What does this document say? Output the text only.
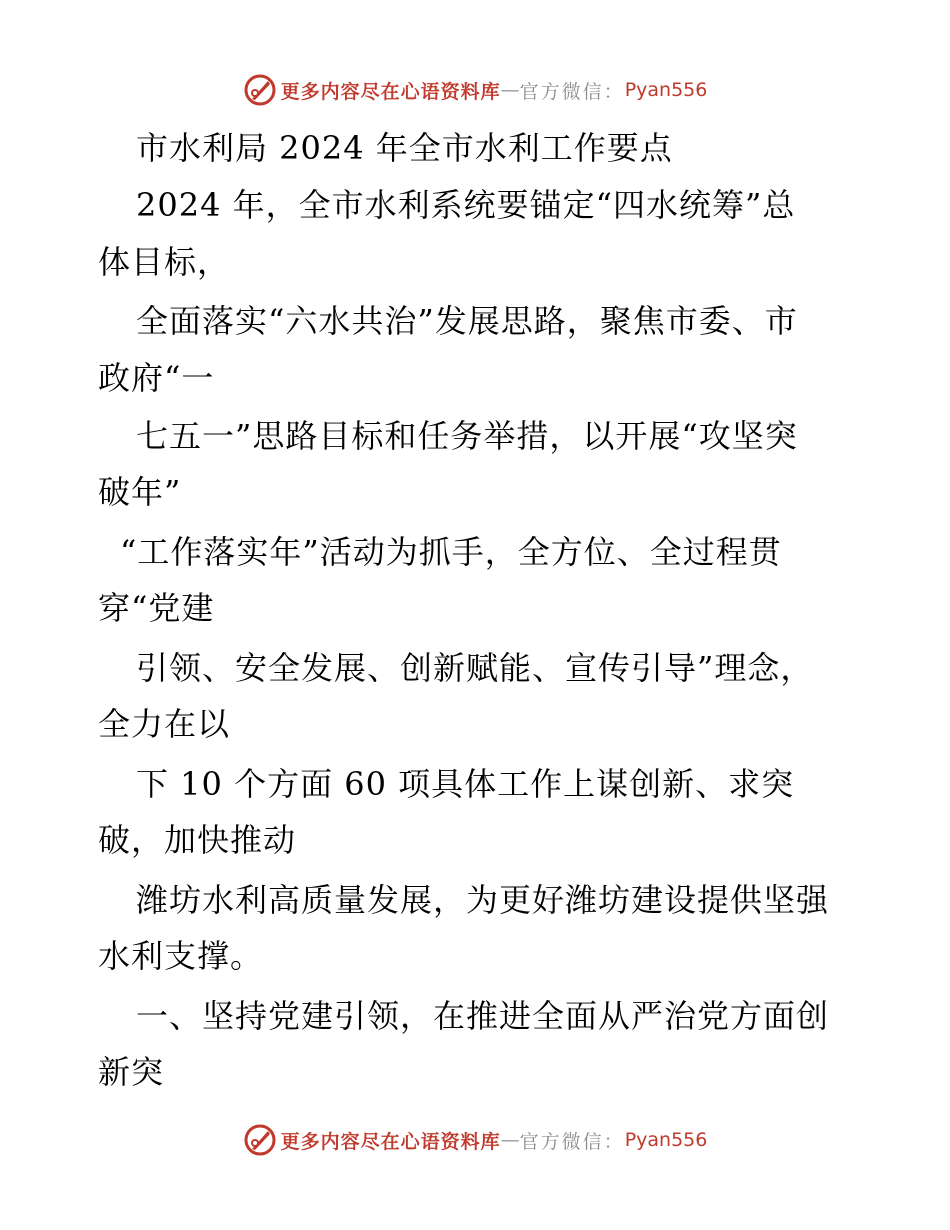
更多内容尽在心语资料库 — 官方微信： Pyan556
市水利局 2024 年全市水利工作要点
2024 年，全市水利系统要锚定“四水统筹”总
体目标，
全面落实“六水共治”发展思路，聚焦市委、市
政府“一
七五一”思路目标和任务举措，以开展“攻坚突
破年”
“工作落实年”活动为抓手，全方位、全过程贯
穿“党建
引领、安全发展、创新赋能、宣传引导”理念，
全力在以
下 10 个方面 60 项具体工作上谋创新、求突
破，加快推动
潍坊水利高质量发展，为更好潍坊建设提供坚强
水利支撑。
一、坚持党建引领，在推进全面从严治党方面创
新突
更多内容尽在心语资料库 — 官方微信： Pyan556
